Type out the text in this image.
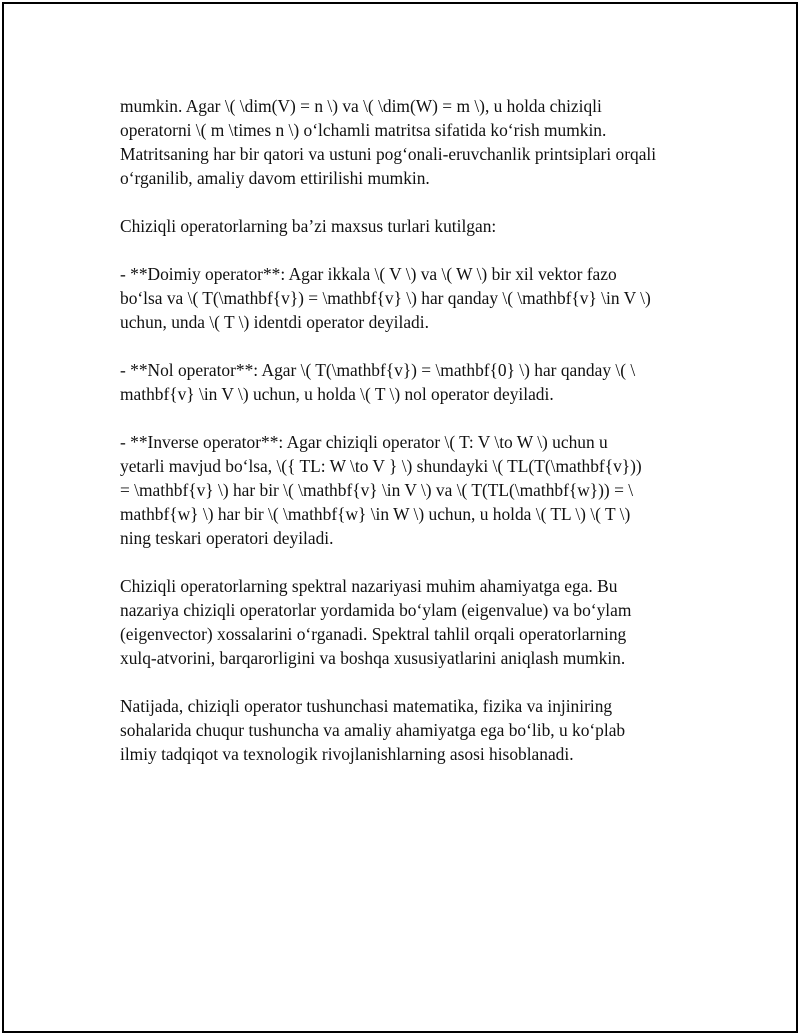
mumkin. Agar \( \dim(V) = n \) va \( \dim(W) = m \), u holda chiziqli
operatorni \( m \times n \) o‘lchamli matritsa sifatida ko‘rish mumkin.
Matritsaning har bir qatori va ustuni pog‘onali-eruvchanlik printsiplari orqali
o‘rganilib, amaliy davom ettirilishi mumkin.

Chiziqli operatorlarning ba’zi maxsus turlari kutilgan:

- **Doimiy operator**: Agar ikkala \( V \) va \( W \) bir xil vektor fazo
bo‘lsa va \( T(\mathbf{v}) = \mathbf{v} \) har qanday \( \mathbf{v} \in V \)
uchun, unda \( T \) identdi operator deyiladi.

- **Nol operator**: Agar \( T(\mathbf{v}) = \mathbf{0} \) har qanday \( \
mathbf{v} \in V \) uchun, u holda \( T \) nol operator deyiladi.

- **Inverse operator**: Agar chiziqli operator \( T: V \to W \) uchun u
yetarli mavjud bo‘lsa, \({ TL: W \to V } \) shundayki \( TL(T(\mathbf{v}))
= \mathbf{v} \) har bir \( \mathbf{v} \in V \) va \( T(TL(\mathbf{w})) = \
mathbf{w} \) har bir \( \mathbf{w} \in W \) uchun, u holda \( TL \) \( T \)
ning teskari operatori deyiladi.

Chiziqli operatorlarning spektral nazariyasi muhim ahamiyatga ega. Bu
nazariya chiziqli operatorlar yordamida bo‘ylam (eigenvalue) va bo‘ylam
(eigenvector) xossalarini o‘rganadi. Spektral tahlil orqali operatorlarning
xulq-atvorini, barqarorligini va boshqa xususiyatlarini aniqlash mumkin.

Natijada, chiziqli operator tushunchasi matematika, fizika va injiniring
sohalarida chuqur tushuncha va amaliy ahamiyatga ega bo‘lib, u ko‘plab
ilmiy tadqiqot va texnologik rivojlanishlarning asosi hisoblanadi.
